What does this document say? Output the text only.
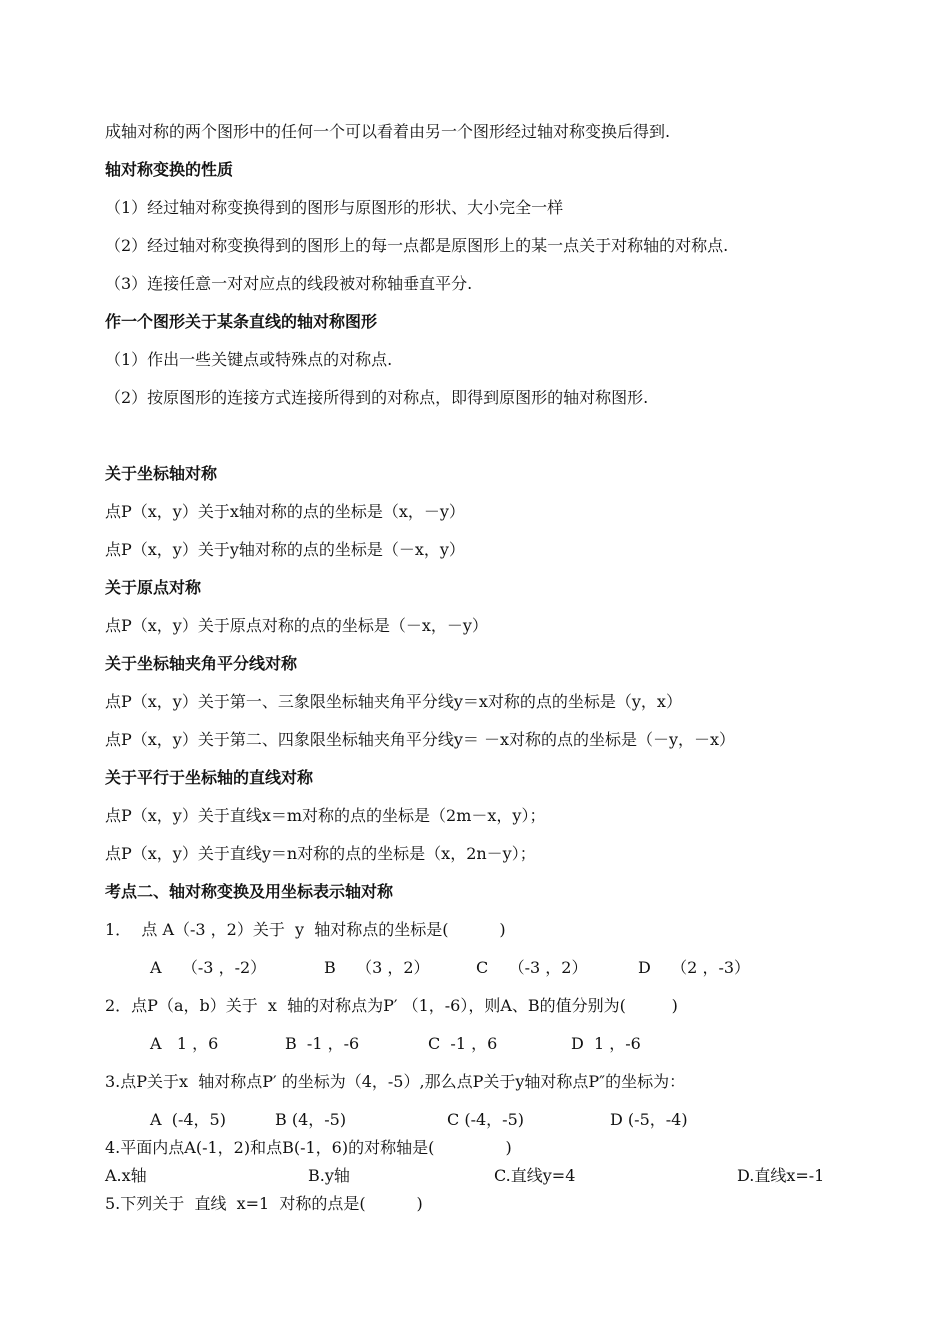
成轴对称的两个图形中的任何一个可以看着由另一个图形经过轴对称变换后得到.
轴对称变换的性质
（1）经过轴对称变换得到的图形与原图形的形状、大小完全一样
（2）经过轴对称变换得到的图形上的每一点都是原图形上的某一点关于对称轴的对称点.
（3）连接任意一对对应点的线段被对称轴垂直平分.
作一个图形关于某条直线的轴对称图形
（1）作出一些关键点或特殊点的对称点.
（2）按原图形的连接方式连接所得到的对称点，即得到原图形的轴对称图形.
关于坐标轴对称
点P（x，y）关于x轴对称的点的坐标是（x，－y）
点P（x，y）关于y轴对称的点的坐标是（－x，y）
关于原点对称
点P（x，y）关于原点对称的点的坐标是（－x，－y）
关于坐标轴夹角平分线对称
点P（x，y）关于第一、三象限坐标轴夹角平分线y＝x对称的点的坐标是（y，x）
点P（x，y）关于第二、四象限坐标轴夹角平分线y＝ －x对称的点的坐标是（－y，－x）
关于平行于坐标轴的直线对称
点P（x，y）关于直线x＝m对称的点的坐标是（2m－x，y）；
点P（x，y）关于直线y＝n对称的点的坐标是（x，2n－y）；
考点二、轴对称变换及用坐标表示轴对称
1．  点 A（-3 ，2）关于  y  轴对称点的坐标是(          )
A    （-3 ，-2）	B    （3 ，2）	C    （-3 ，2）	D    （2 ，-3）
2．点P（a，b）关于  x  轴的对称点为P′ （1，-6），则A、B的值分别为(         )
A   1 ，6	B  -1 ，-6	C  -1 ，6	D  1 ，-6
3.点P关于x  轴对称点P′ 的坐标为（4，-5）,那么点P关于y轴对称点P″的坐标为：
A  (-4，5)	B (4，-5)	C (-4，-5)	D (-5，-4)
4.平面内点A(-1，2)和点B(-1，6)的对称轴是(              )
A.x轴	B.y轴	C.直线y=4	D.直线x=-1
5.下列关于  直线  x=1  对称的点是(          )
